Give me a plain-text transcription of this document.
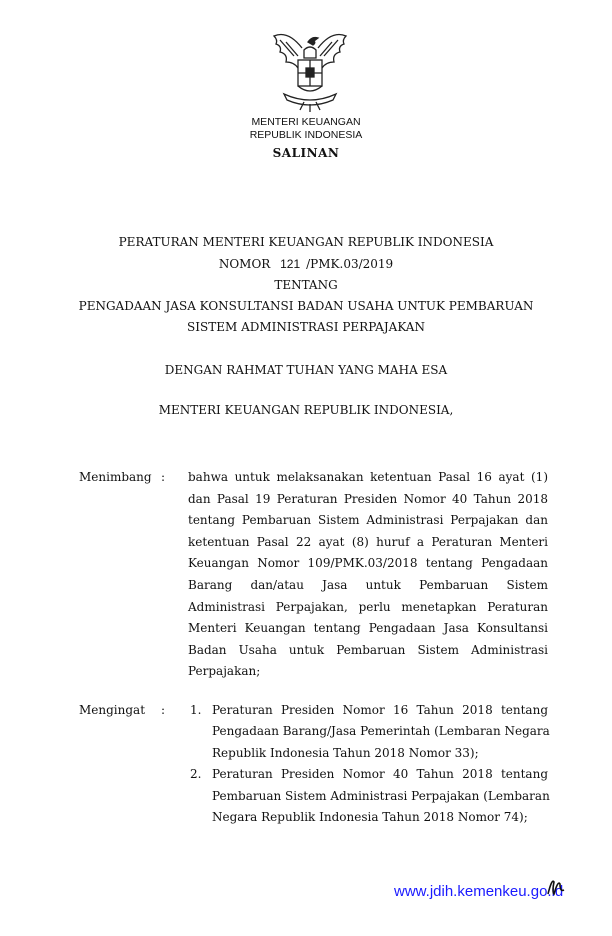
MENTERI KEUANGAN
REPUBLIK INDONESIA
SALINAN
PERATURAN MENTERI KEUANGAN REPUBLIK INDONESIA
NOMOR 121 /PMK.03/2019
TENTANG
PENGADAAN JASA KONSULTANSI BADAN USAHA UNTUK PEMBARUAN
SISTEM ADMINISTRASI PERPAJAKAN
DENGAN RAHMAT TUHAN YANG MAHA ESA
MENTERI KEUANGAN REPUBLIK INDONESIA,
Menimbang : bahwa untuk melaksanakan ketentuan Pasal 16 ayat (1)
dan Pasal 19 Peraturan Presiden Nomor 40 Tahun 2018
tentang Pembaruan Sistem Administrasi Perpajakan dan
ketentuan Pasal 22 ayat (8) huruf a Peraturan Menteri
Keuangan Nomor 109/PMK.03/2018 tentang Pengadaan
Barang dan/atau Jasa untuk Pembaruan Sistem
Administrasi Perpajakan, perlu menetapkan Peraturan
Menteri Keuangan tentang Pengadaan Jasa Konsultansi
Badan Usaha untuk Pembaruan Sistem Administrasi
Perpajakan;
Mengingat : 1. Peraturan Presiden Nomor 16 Tahun 2018 tentang
Pengadaan Barang/Jasa Pemerintah (Lembaran Negara
Republik Indonesia Tahun 2018 Nomor 33);
2. Peraturan Presiden Nomor 40 Tahun 2018 tentang
Pembaruan Sistem Administrasi Perpajakan (Lembaran
Negara Republik Indonesia Tahun 2018 Nomor 74);
www.jdih.kemenkeu.go.id
